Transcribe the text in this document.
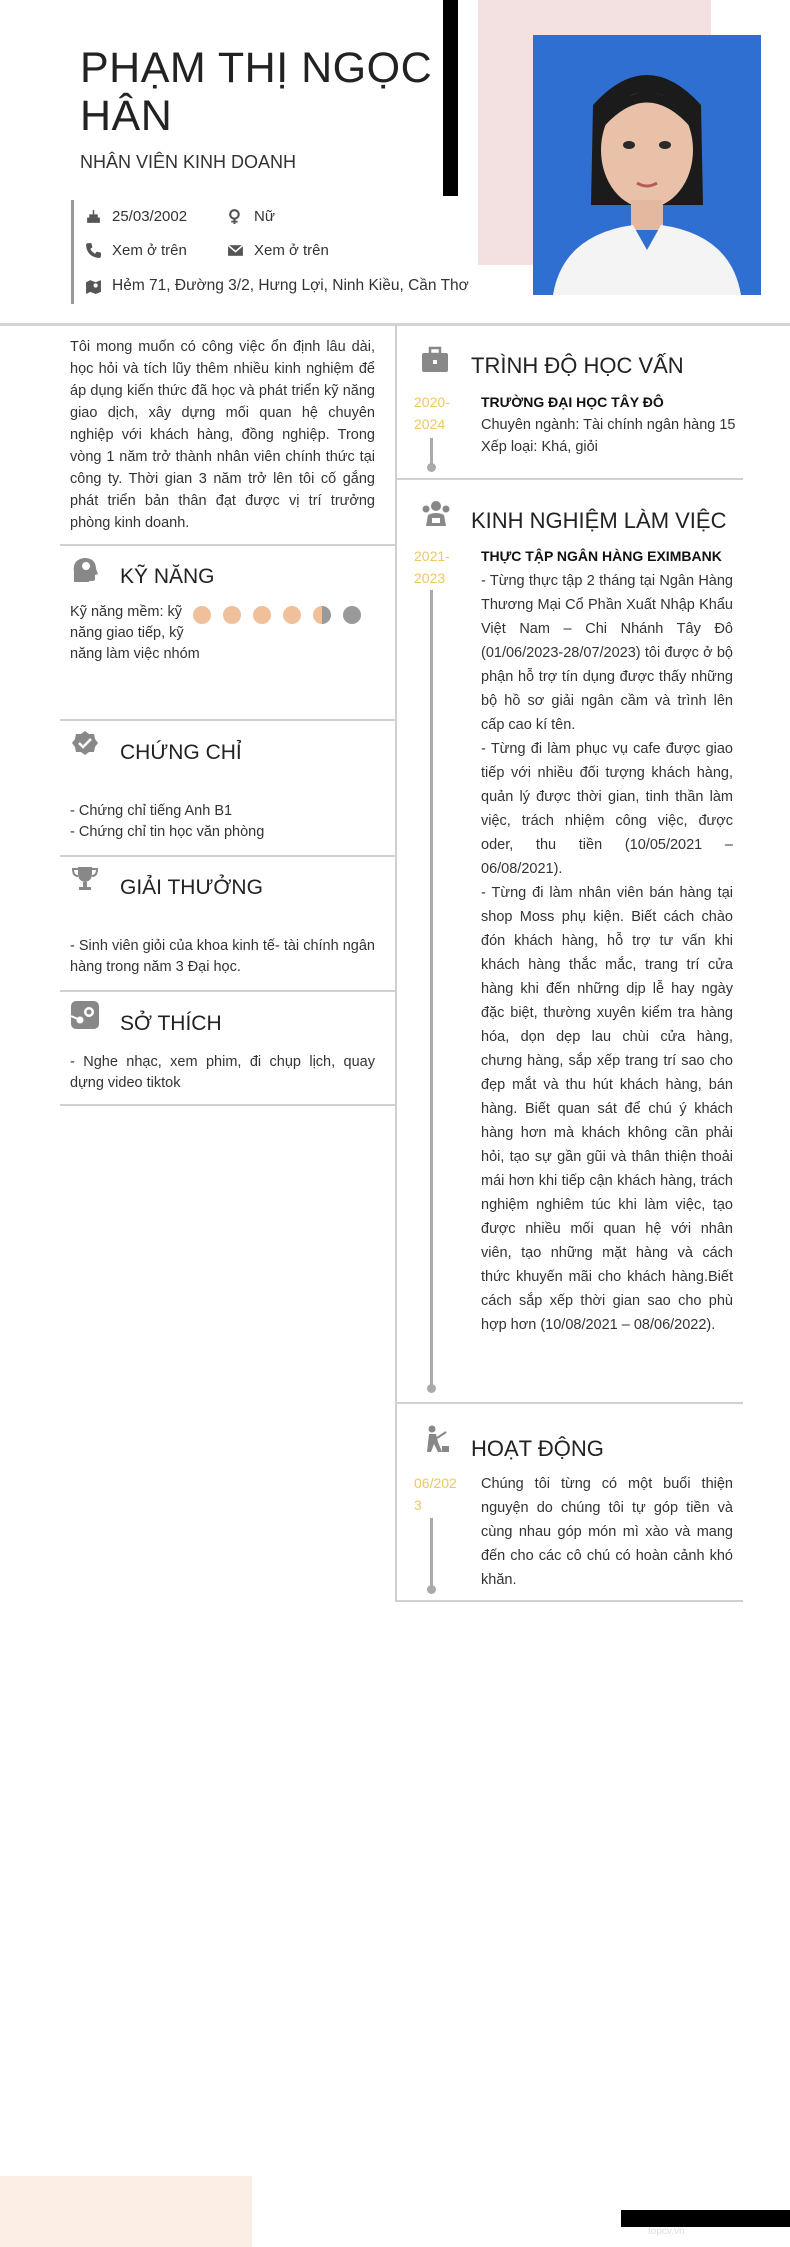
PHẠM THỊ NGỌC HÂN
NHÂN VIÊN KINH DOANH
25/03/2002	Nữ
Xem ở trên	Xem ở trên
Hẻm 71, Đường 3/2, Hưng Lợi, Ninh Kiều, Cần Thơ
Tôi mong muốn có công việc ổn định lâu dài, học hỏi và tích lũy thêm nhiều kinh nghiệm để áp dụng kiến thức đã học và phát triển kỹ năng giao dịch, xây dựng mối quan hệ chuyên nghiệp với khách hàng, đồng nghiệp. Trong vòng 1 năm trở thành nhân viên chính thức tại công ty. Thời gian 3 năm trở lên tôi cố gắng phát triển bản thân đạt được vị trí trưởng phòng kinh doanh.
KỸ NĂNG
Kỹ năng mềm: kỹ năng giao tiếp, kỹ năng làm việc nhóm
CHỨNG CHỈ
- Chứng chỉ tiếng Anh B1
- Chứng chỉ tin học văn phòng
GIẢI THƯỞNG
- Sinh viên giỏi của khoa kinh tế- tài chính ngân hàng trong năm 3 Đại học.
SỞ THÍCH
- Nghe nhạc, xem phim, đi chụp lịch, quay dựng video tiktok
TRÌNH ĐỘ HỌC VẤN
2020-2024
TRƯỜNG ĐẠI HỌC TÂY ĐÔ
Chuyên ngành: Tài chính ngân hàng 15
Xếp loại: Khá, giỏi
KINH NGHIỆM LÀM VIỆC
2021-2023
THỰC TẬP NGÂN HÀNG EXIMBANK
- Từng thực tập 2 tháng tại Ngân Hàng Thương Mại Cổ Phần Xuất Nhập Khẩu Việt Nam – Chi Nhánh Tây Đô (01/06/2023-28/07/2023) tôi được ở bộ phận hỗ trợ tín dụng được thấy những bộ hồ sơ giải ngân cầm và trình lên cấp cao kí tên.
- Từng đi làm phục vụ cafe được giao tiếp với nhiều đối tượng khách hàng, quản lý được thời gian, tinh thần làm việc, trách nhiệm công việc, được oder, thu tiền (10/05/2021 – 06/08/2021).
- Từng đi làm nhân viên bán hàng tại shop Moss phụ kiện. Biết cách chào đón khách hàng, hỗ trợ tư vấn khi khách hàng thắc mắc, trang trí cửa hàng khi đến những dịp lễ hay ngày đặc biệt, thường xuyên kiểm tra hàng hóa, dọn dẹp lau chùi cửa hàng, chưng hàng, sắp xếp trang trí sao cho đẹp mắt và thu hút khách hàng, bán hàng. Biết quan sát để chú ý khách hàng hơn mà khách không cần phải hỏi, tạo sự gần gũi và thân thiện thoải mái hơn khi tiếp cận khách hàng, trách nghiệm nghiêm túc khi làm việc, tạo được nhiều mối quan hệ với nhân viên, tạo những mặt hàng và cách thức khuyến mãi cho khách hàng.Biết cách sắp xếp thời gian sao cho phù hợp hơn (10/08/2021 – 08/06/2022).
HOẠT ĐỘNG
06/2023
Chúng tôi từng có một buổi thiện nguyện do chúng tôi tự góp tiền và cùng nhau góp món mì xào và mang đến cho các cô chú có hoàn cảnh khó khăn.
topcv.vn
